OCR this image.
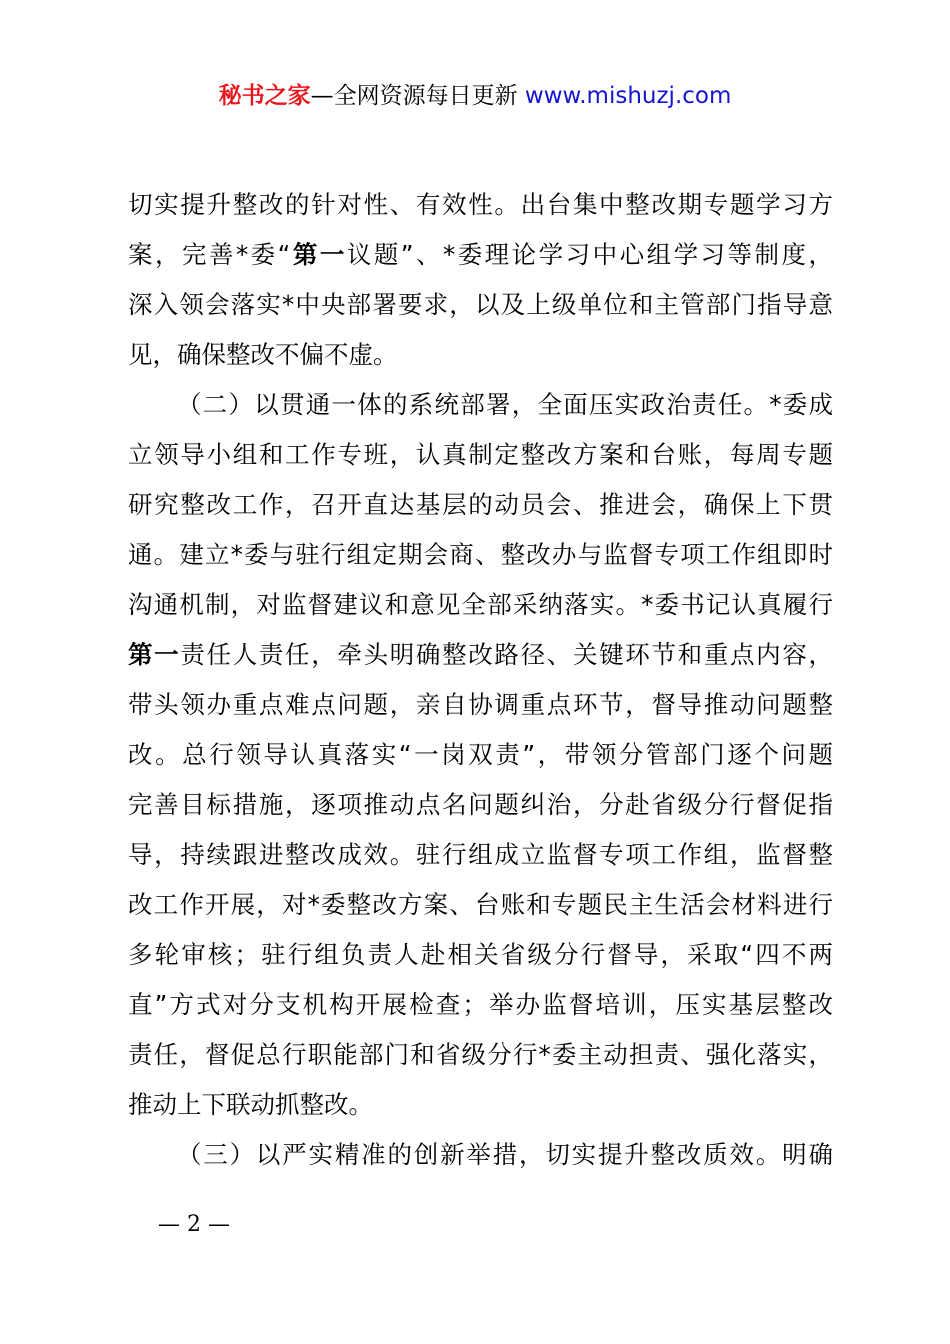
秘书之家—全网资源每日更新 www.mishuzj.com
切实提升整改的针对性、有效性。出台集中整改期专题学习方
案，完善*委“第一议题”、*委理论学习中心组学习等制度，
深入领会落实*中央部署要求，以及上级单位和主管部门指导意
见，确保整改不偏不虚。
（二）以贯通一体的系统部署，全面压实政治责任。*委成
立领导小组和工作专班，认真制定整改方案和台账，每周专题
研究整改工作，召开直达基层的动员会、推进会，确保上下贯
通。建立*委与驻行组定期会商、整改办与监督专项工作组即时
沟通机制，对监督建议和意见全部采纳落实。*委书记认真履行
第一责任人责任，牵头明确整改路径、关键环节和重点内容，
带头领办重点难点问题，亲自协调重点环节，督导推动问题整
改。总行领导认真落实“一岗双责”，带领分管部门逐个问题
完善目标措施，逐项推动点名问题纠治，分赴省级分行督促指
导，持续跟进整改成效。驻行组成立监督专项工作组，监督整
改工作开展，对*委整改方案、台账和专题民主生活会材料进行
多轮审核；驻行组负责人赴相关省级分行督导，采取“四不两
直”方式对分支机构开展检查；举办监督培训，压实基层整改
责任，督促总行职能部门和省级分行*委主动担责、强化落实，
推动上下联动抓整改。
（三）以严实精准的创新举措，切实提升整改质效。明确
— 2 —
